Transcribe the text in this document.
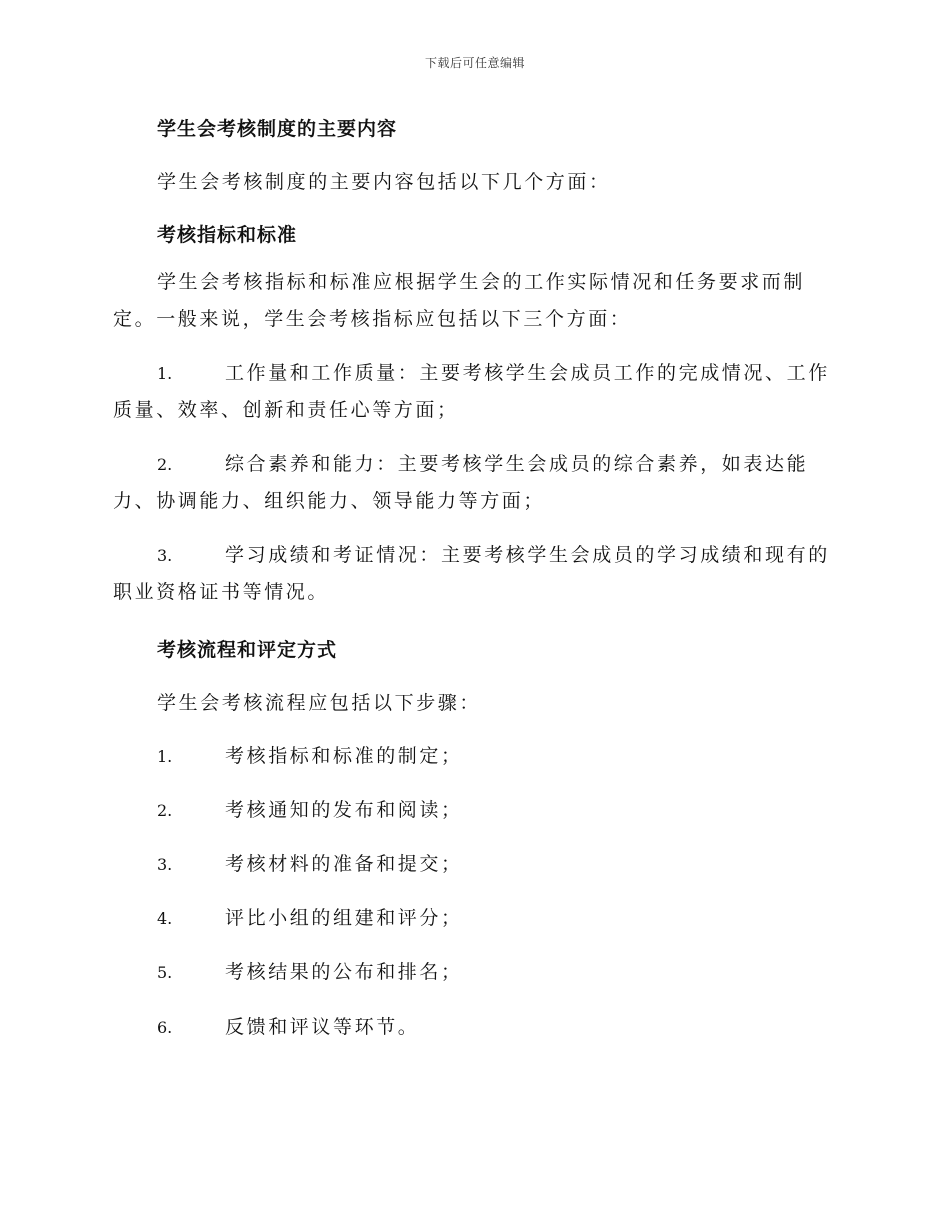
下载后可任意编辑
学生会考核制度的主要内容
学生会考核制度的主要内容包括以下几个方面：
考核指标和标准
学生会考核指标和标准应根据学生会的工作实际情况和任务要求而制
定。一般来说，学生会考核指标应包括以下三个方面：
1.	工作量和工作质量：主要考核学生会成员工作的完成情况、工作
质量、效率、创新和责任心等方面；
2.	综合素养和能力：主要考核学生会成员的综合素养，如表达能
力、协调能力、组织能力、领导能力等方面；
3.	学习成绩和考证情况：主要考核学生会成员的学习成绩和现有的
职业资格证书等情况。
考核流程和评定方式
学生会考核流程应包括以下步骤：
1.	考核指标和标准的制定；
2.	考核通知的发布和阅读；
3.	考核材料的准备和提交；
4.	评比小组的组建和评分；
5.	考核结果的公布和排名；
6.	反馈和评议等环节。
